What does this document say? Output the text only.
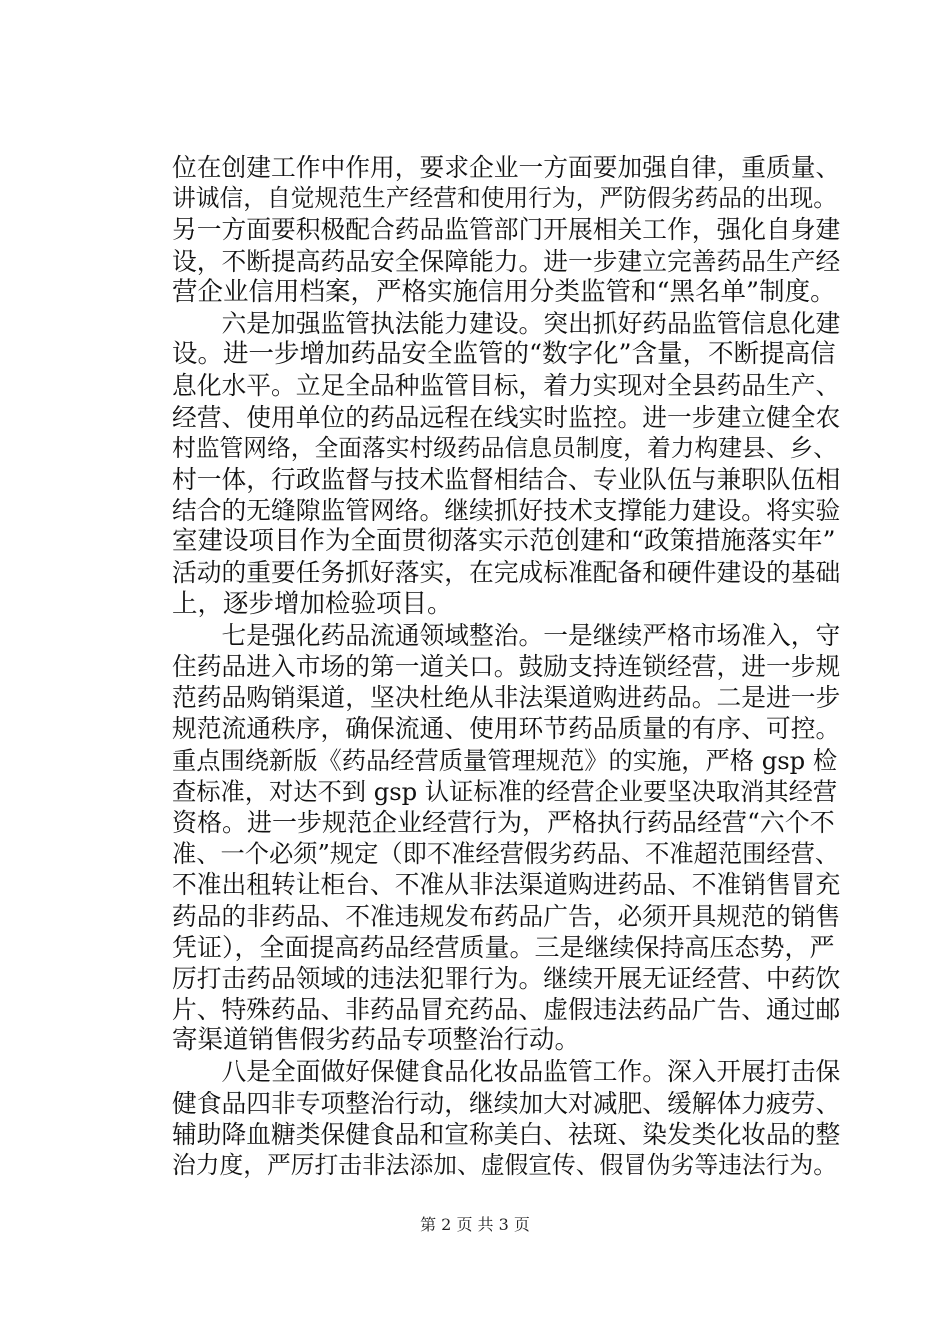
位在创建工作中作用，要求企业一方面要加强自律，重质量、
讲诚信，自觉规范生产经营和使用行为，严防假劣药品的出现。
另一方面要积极配合药品监管部门开展相关工作，强化自身建
设，不断提高药品安全保障能力。进一步建立完善药品生产经
营企业信用档案，严格实施信用分类监管和“黑名单”制度。
　　六是加强监管执法能力建设。突出抓好药品监管信息化建
设。进一步增加药品安全监管的“数字化”含量，不断提高信
息化水平。立足全品种监管目标，着力实现对全县药品生产、
经营、使用单位的药品远程在线实时监控。进一步建立健全农
村监管网络，全面落实村级药品信息员制度，着力构建县、乡、
村一体，行政监督与技术监督相结合、专业队伍与兼职队伍相
结合的无缝隙监管网络。继续抓好技术支撑能力建设。将实验
室建设项目作为全面贯彻落实示范创建和“政策措施落实年”
活动的重要任务抓好落实，在完成标准配备和硬件建设的基础
上，逐步增加检验项目。
　　七是强化药品流通领域整治。一是继续严格市场准入，守
住药品进入市场的第一道关口。鼓励支持连锁经营，进一步规
范药品购销渠道，坚决杜绝从非法渠道购进药品。二是进一步
规范流通秩序，确保流通、使用环节药品质量的有序、可控。
重点围绕新版《药品经营质量管理规范》的实施，严格 gsp 检
查标准，对达不到 gsp 认证标准的经营企业要坚决取消其经营
资格。进一步规范企业经营行为，严格执行药品经营“六个不
准、一个必须”规定（即不准经营假劣药品、不准超范围经营、
不准出租转让柜台、不准从非法渠道购进药品、不准销售冒充
药品的非药品、不准违规发布药品广告，必须开具规范的销售
凭证），全面提高药品经营质量。三是继续保持高压态势，严
厉打击药品领域的违法犯罪行为。继续开展无证经营、中药饮
片、特殊药品、非药品冒充药品、虚假违法药品广告、通过邮
寄渠道销售假劣药品专项整治行动。
　　八是全面做好保健食品化妆品监管工作。深入开展打击保
健食品四非专项整治行动，继续加大对减肥、缓解体力疲劳、
辅助降血糖类保健食品和宣称美白、祛斑、染发类化妆品的整
治力度，严厉打击非法添加、虚假宣传、假冒伪劣等违法行为。
第 2 页 共 3 页
